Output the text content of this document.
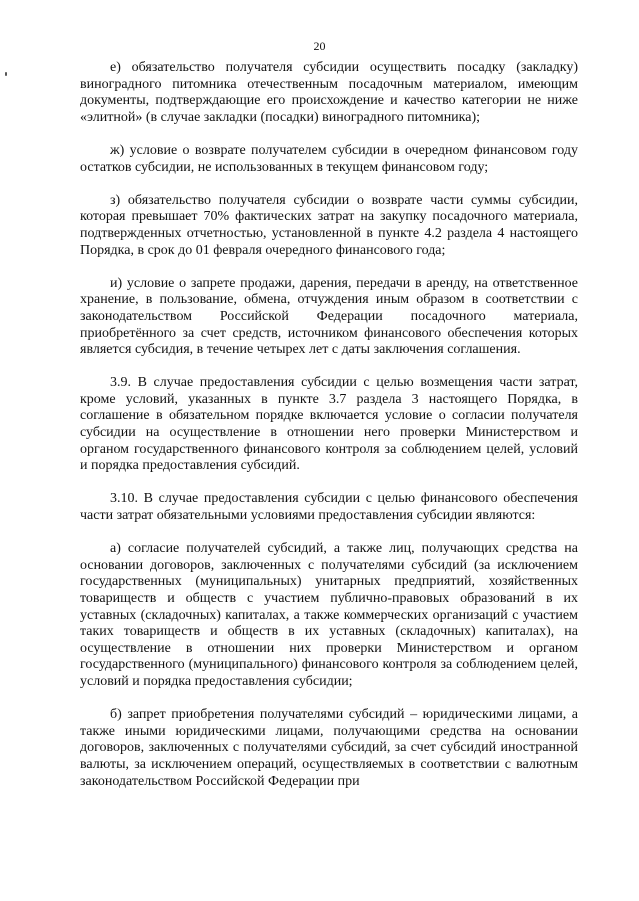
20

е) обязательство получателя субсидии осуществить посадку (закладку) виноградного питомника отечественным посадочным материалом, имеющим документы, подтверждающие его происхождение и качество категории не ниже «элитной» (в случае закладки (посадки) виноградного питомника);

ж) условие о возврате получателем субсидии в очередном финансовом году остатков субсидии, не использованных в текущем финансовом году;

з) обязательство получателя субсидии о возврате части суммы субсидии, которая превышает 70% фактических затрат на закупку посадочного материала, подтвержденных отчетностью, установленной в пункте 4.2 раздела 4 настоящего Порядка, в срок до 01 февраля очередного финансового года;

и) условие о запрете продажи, дарения, передачи в аренду, на ответственное хранение, в пользование, обмена, отчуждения иным образом в соответствии с законодательством Российской Федерации посадочного материала, приобретённого за счет средств, источником финансового обеспечения которых является субсидия, в течение четырех лет с даты заключения соглашения.

3.9. В случае предоставления субсидии с целью возмещения части затрат, кроме условий, указанных в пункте 3.7 раздела 3 настоящего Порядка, в соглашение в обязательном порядке включается условие о согласии получателя субсидии на осуществление в отношении него проверки Министерством и органом государственного финансового контроля за соблюдением целей, условий и порядка предоставления субсидий.

3.10. В случае предоставления субсидии с целью финансового обеспечения части затрат обязательными условиями предоставления субсидии являются:

а) согласие получателей субсидий, а также лиц, получающих средства на основании договоров, заключенных с получателями субсидий (за исключением государственных (муниципальных) унитарных предприятий, хозяйственных товариществ и обществ с участием публично-правовых образований в их уставных (складочных) капиталах, а также коммерческих организаций с участием таких товариществ и обществ в их уставных (складочных) капиталах), на осуществление в отношении них проверки Министерством и органом государственного (муниципального) финансового контроля за соблюдением целей, условий и порядка предоставления субсидии;

б) запрет приобретения получателями субсидий – юридическими лицами, а также иными юридическими лицами, получающими средства на основании договоров, заключенных с получателями субсидий, за счет субсидий иностранной валюты, за исключением операций, осуществляемых в соответствии с валютным законодательством Российской Федерации при
